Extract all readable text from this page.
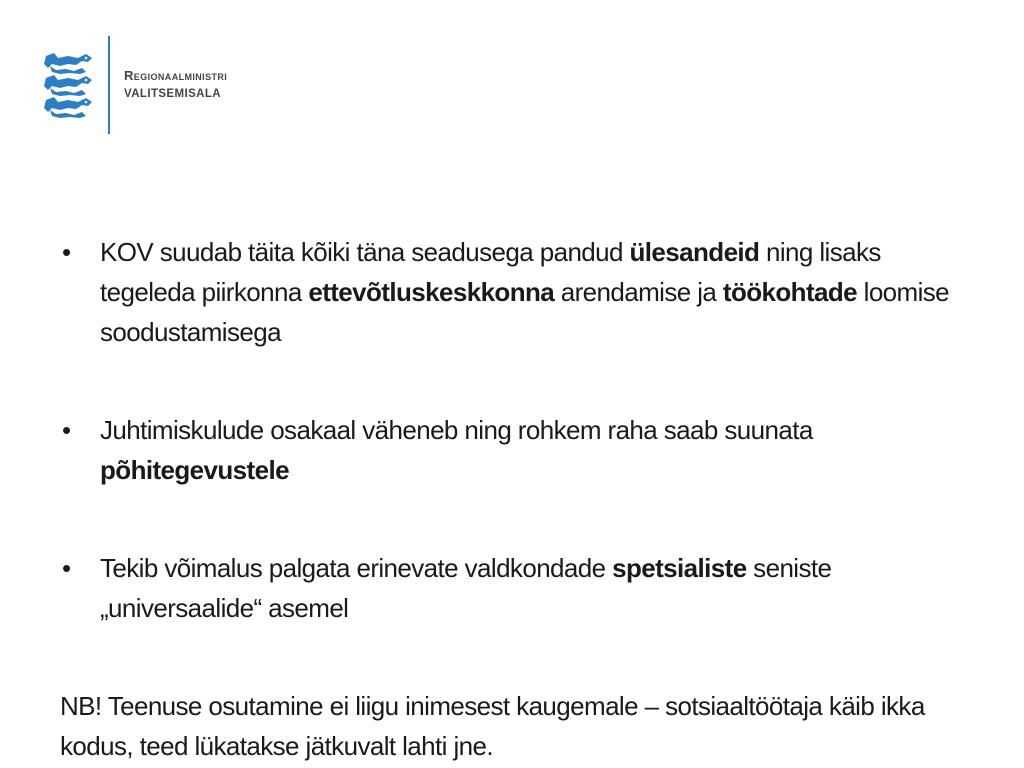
Regionaalministri
VALITSEMISALA

• KOV suudab täita kõiki täna seadusega pandud ülesandeid ning lisaks tegeleda piirkonna ettevõtluskeskkonna arendamise ja töökohtade loomise soodustamisega

• Juhtimiskulude osakaal väheneb ning rohkem raha saab suunata põhitegevustele

• Tekib võimalus palgata erinevate valdkondade spetsialiste seniste „universaalide“ asemel

NB! Teenuse osutamine ei liigu inimesest kaugemale – sotsiaaltöötaja käib ikka kodus, teed lükatakse jätkuvalt lahti jne.
